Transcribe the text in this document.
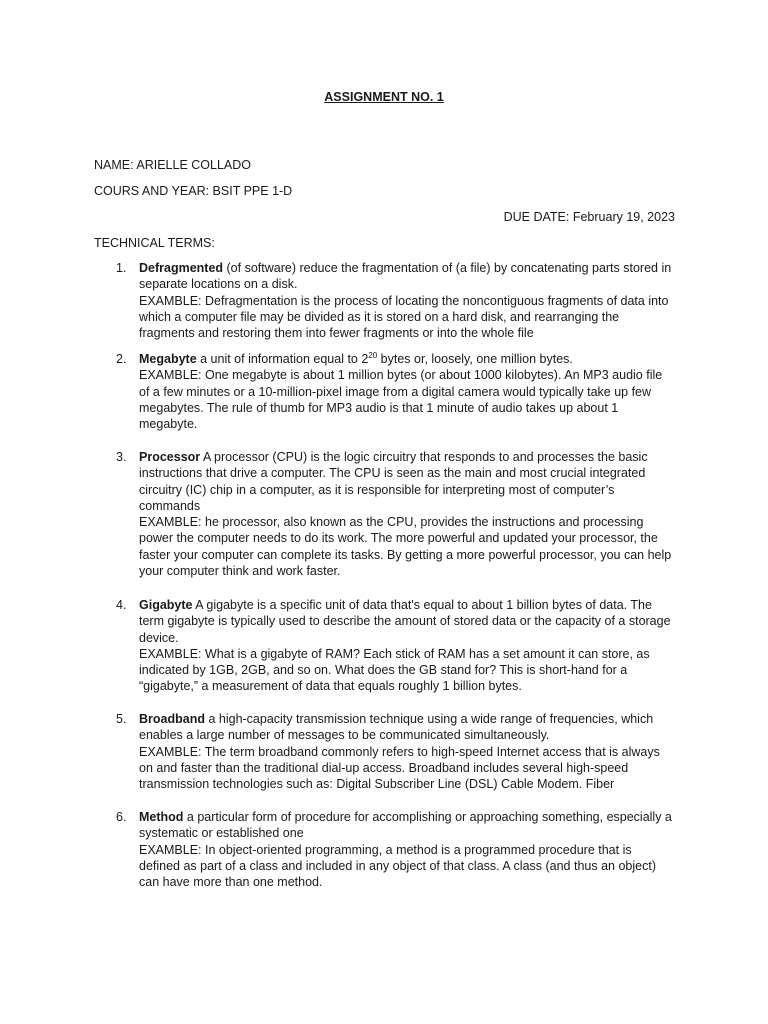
ASSIGNMENT NO. 1
NAME: ARIELLE COLLADO
COURS AND YEAR: BSIT PPE 1-D
DUE DATE: February 19, 2023
TECHNICAL TERMS:
1. Defragmented (of software) reduce the fragmentation of (a file) by concatenating parts stored in separate locations on a disk.

EXAMBLE: Defragmentation is the process of locating the noncontiguous fragments of data into which a computer file may be divided as it is stored on a hard disk, and rearranging the fragments and restoring them into fewer fragments or into the whole file

2. Megabyte a unit of information equal to $2^{20}$ bytes or, loosely, one million bytes.

EXAMBLE: One megabyte is about 1 million bytes (or about 1000 kilobytes). An MP3 audio file of a few minutes or a 10-million-pixel image from a digital camera would typically take up few megabytes. The rule of thumb for MP3 audio is that 1 minute of audio takes up about 1 megabyte.

3. Processor A processor (CPU) is the logic circuitry that responds to and processes the basic instructions that drive a computer. The CPU is seen as the main and most crucial integrated circuitry (IC) chip in a computer, as it is responsible for interpreting most of computer’s commands

EXAMBLE: he processor, also known as the CPU, provides the instructions and processing power the computer needs to do its work. The more powerful and updated your processor, the faster your computer can complete its tasks. By getting a more powerful processor, you can help your computer think and work faster.

4. Gigabyte A gigabyte is a specific unit of data that's equal to about 1 billion bytes of data. The term gigabyte is typically used to describe the amount of stored data or the capacity of a storage device.

EXAMBLE: What is a gigabyte of RAM? Each stick of RAM has a set amount it can store, as indicated by 1GB, 2GB, and so on. What does the GB stand for? This is short-hand for a “gigabyte,” a measurement of data that equals roughly 1 billion bytes.

5. Broadband a high-capacity transmission technique using a wide range of frequencies, which enables a large number of messages to be communicated simultaneously.

EXAMBLE: The term broadband commonly refers to high-speed Internet access that is always on and faster than the traditional dial-up access. Broadband includes several high-speed transmission technologies such as: Digital Subscriber Line (DSL) Cable Modem. Fiber

6. Method a particular form of procedure for accomplishing or approaching something, especially a systematic or established one

EXAMBLE: In object-oriented programming, a method is a programmed procedure that is defined as part of a class and included in any object of that class. A class (and thus an object) can have more than one method.
